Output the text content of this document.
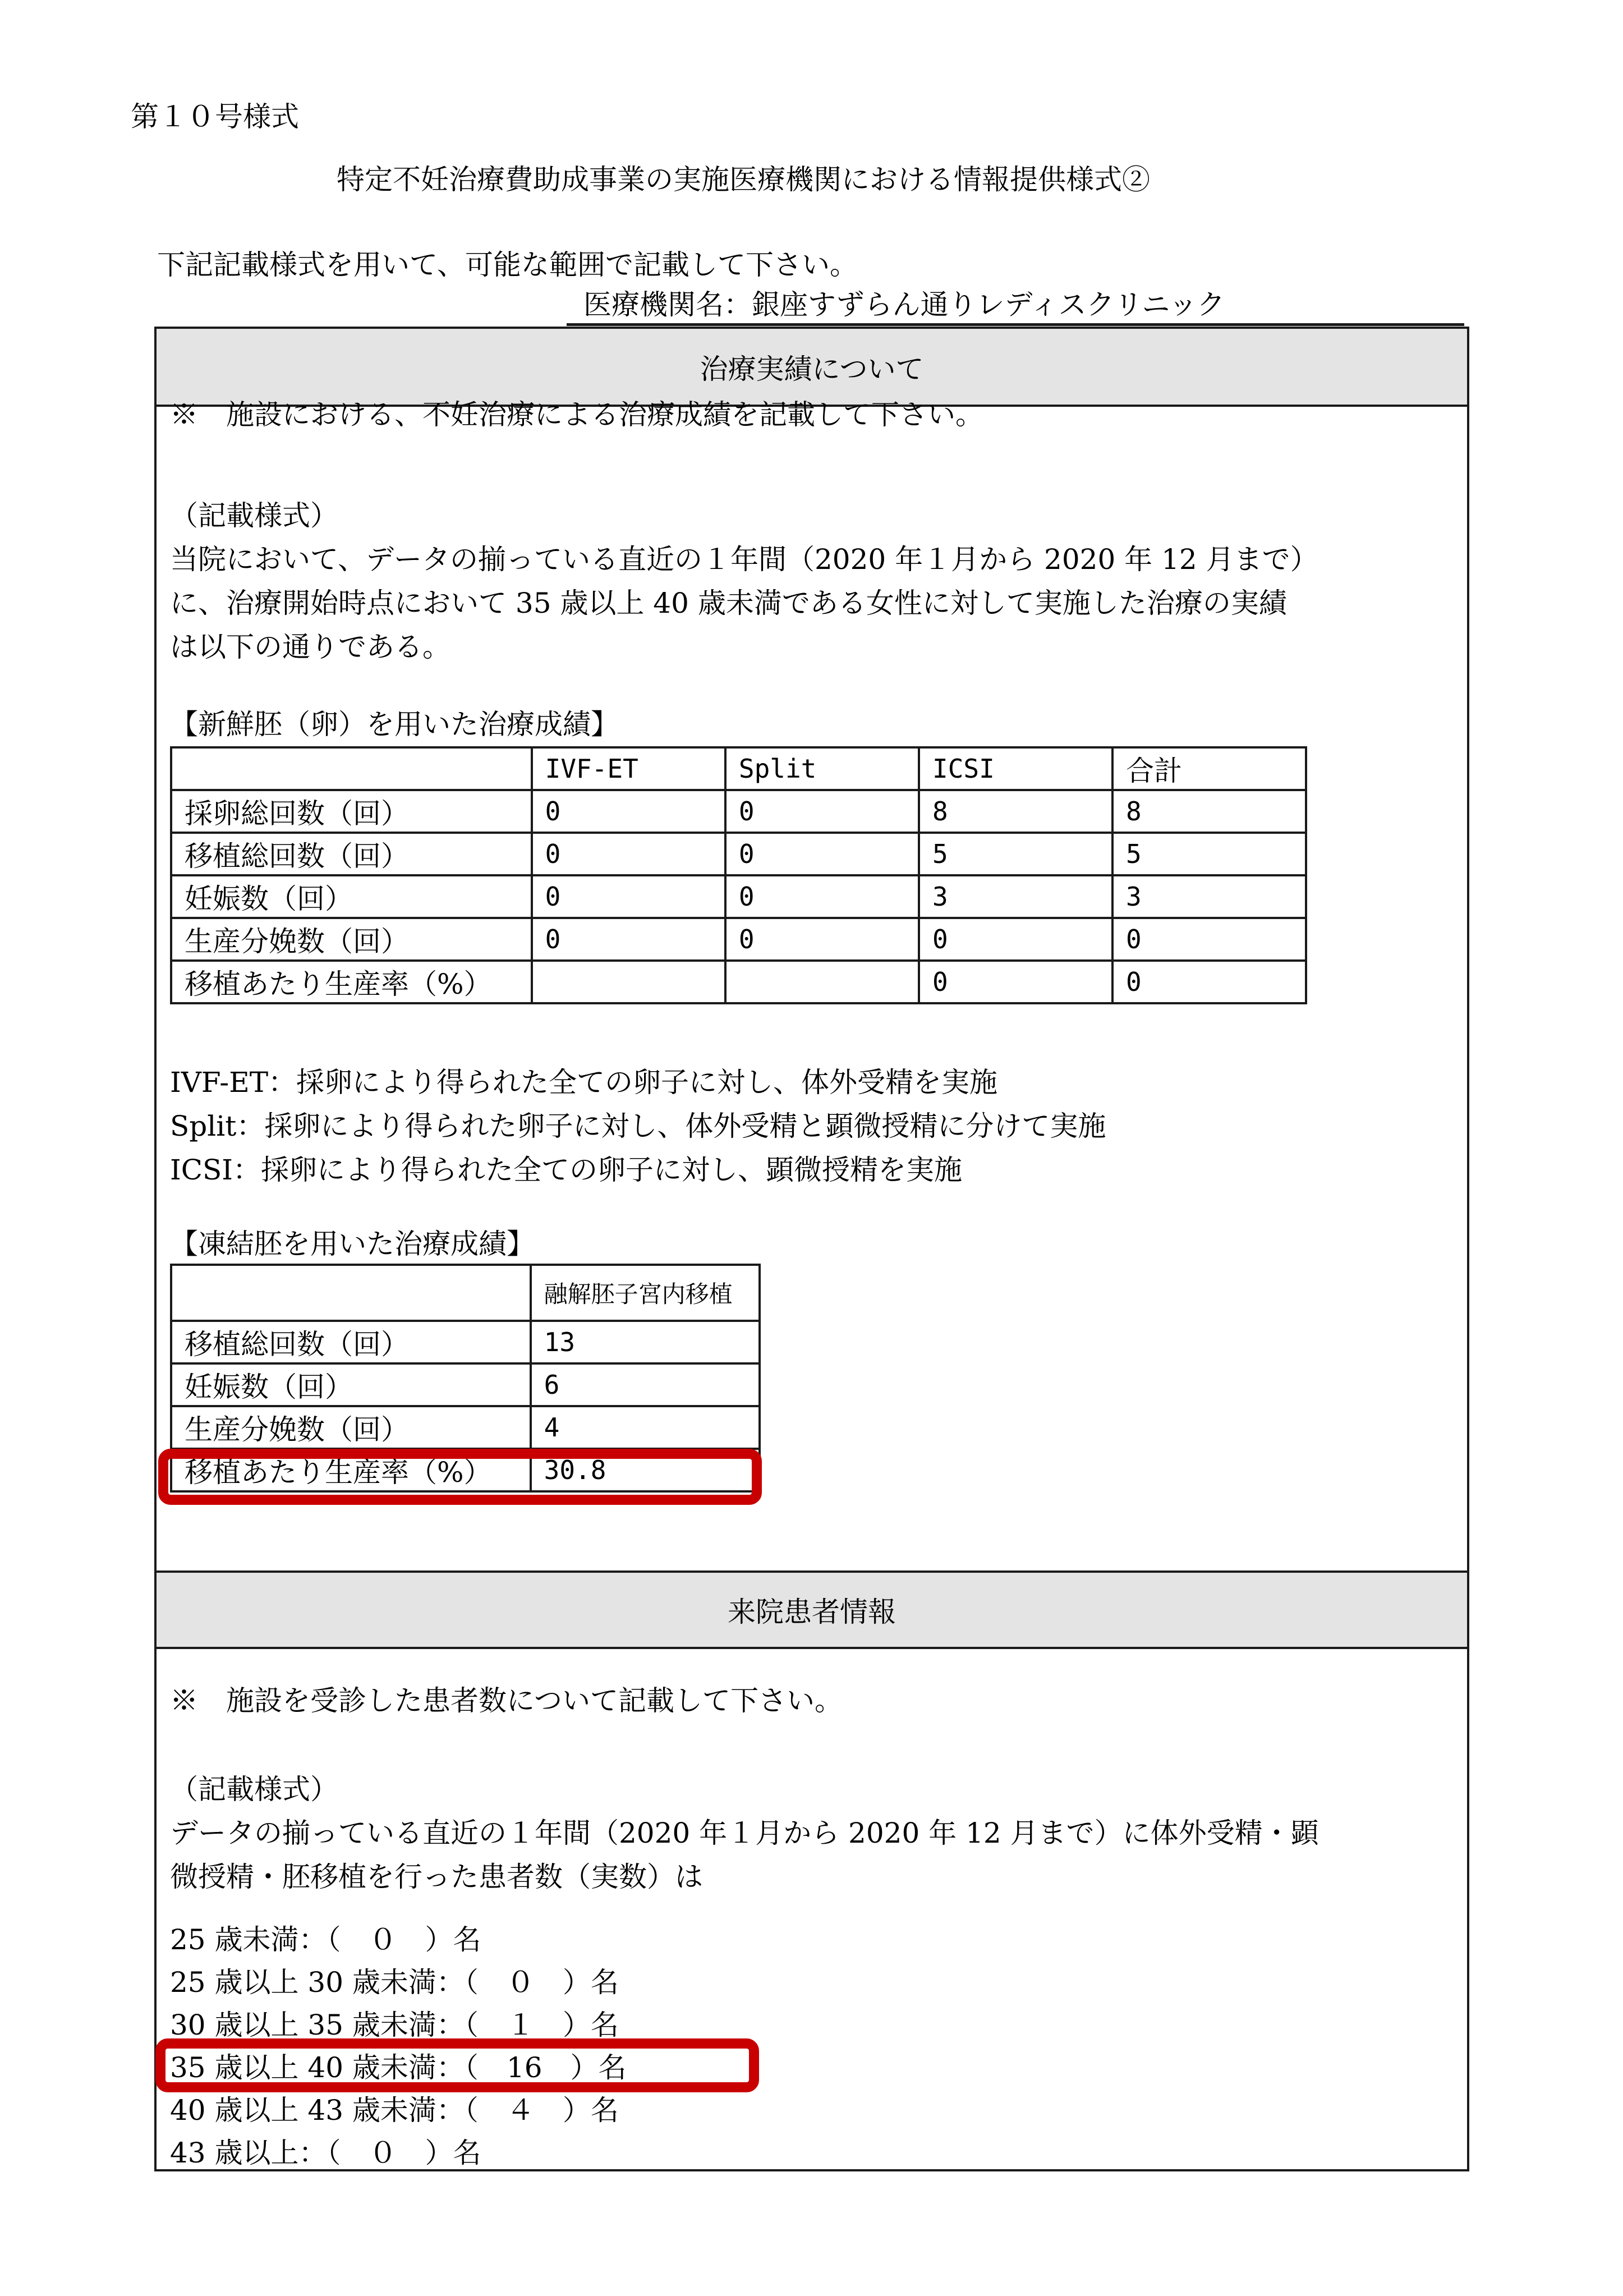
第１０号様式
特定不妊治療費助成事業の実施医療機関における情報提供様式②
下記記載様式を用いて、可能な範囲で記載して下さい。
医療機関名：銀座すずらん通りレディスクリニック
治療実績について
来院患者情報
※　施設における、不妊治療による治療成績を記載して下さい。
（記載様式）
当院において、データの揃っている直近の１年間（2020 年１月から 2020 年 12 月まで）
に、治療開始時点において 35 歳以上 40 歳未満である女性に対して実施した治療の実績
は以下の通りである。
【新鮮胚（卵）を用いた治療成績】
	IVF-ET	Split	ICSI	合計
採卵総回数（回）	0	0	8	8
移植総回数（回）	0	0	5	5
妊娠数（回）	0	0	3	3
生産分娩数（回）	0	0	0	0
移植あたり生産率（%）			0	0
IVF-ET：採卵により得られた全ての卵子に対し、体外受精を実施
Split：採卵により得られた卵子に対し、体外受精と顕微授精に分けて実施
ICSI：採卵により得られた全ての卵子に対し、顕微授精を実施
【凍結胚を用いた治療成績】
	融解胚子宮内移植
移植総回数（回）	13
妊娠数（回）	6
生産分娩数（回）	4
移植あたり生産率（%）	30.8
※　施設を受診した患者数について記載して下さい。
（記載様式）
データの揃っている直近の１年間（2020 年１月から 2020 年 12 月まで）に体外受精・顕
微授精・胚移植を行った患者数（実数）は
25 歳未満：（　０　）名
25 歳以上 30 歳未満：（　０　）名
30 歳以上 35 歳未満：（　１　）名
35 歳以上 40 歳未満：（　16　）名
40 歳以上 43 歳未満：（　４　）名
43 歳以上：（　０　）名
